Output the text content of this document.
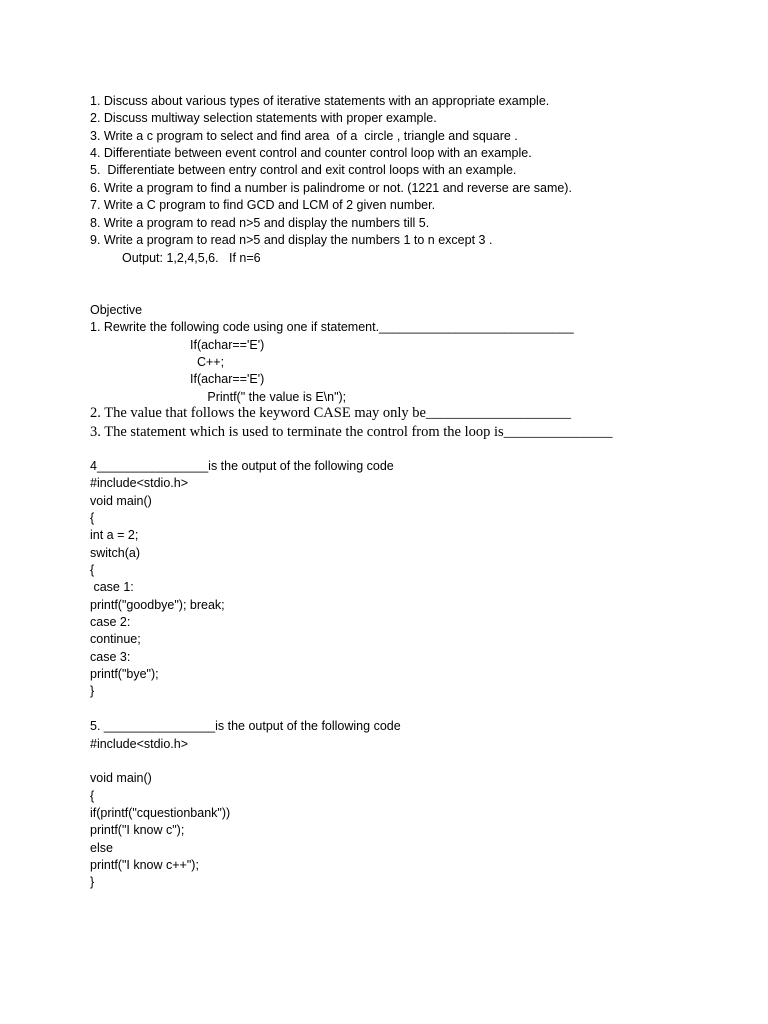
1. Discuss about various types of iterative statements with an appropriate example.
2. Discuss multiway selection statements with proper example.
3. Write a c program to select and find area  of a  circle , triangle and square .
4. Differentiate between event control and counter control loop with an example.
5.  Differentiate between entry control and exit control loops with an example.
6. Write a program to find a number is palindrome or not. (1221 and reverse are same).
7. Write a C program to find GCD and LCM of 2 given number.
8. Write a program to read n>5 and display the numbers till 5.
9. Write a program to read n>5 and display the numbers 1 to n except 3 .
Output: 1,2,4,5,6.   If n=6
Objective
1. Rewrite the following code using one if statement.____________________________
If(achar=='E')
C++;
If(achar=='E')
Printf(" the value is E\n");
2. The value that follows the keyword CASE may only be____________________
3. The statement which is used to terminate the control from the loop is_______________
4________________is the output of the following code
#include<stdio.h>
void main()
{
int a = 2;
switch(a)
{
case 1:
printf("goodbye"); break;
case 2:
continue;
case 3:
printf("bye");
}
5. ________________is the output of the following code
#include<stdio.h>
void main()
{
if(printf("cquestionbank"))
printf("I know c");
else
printf("I know c++");
}
